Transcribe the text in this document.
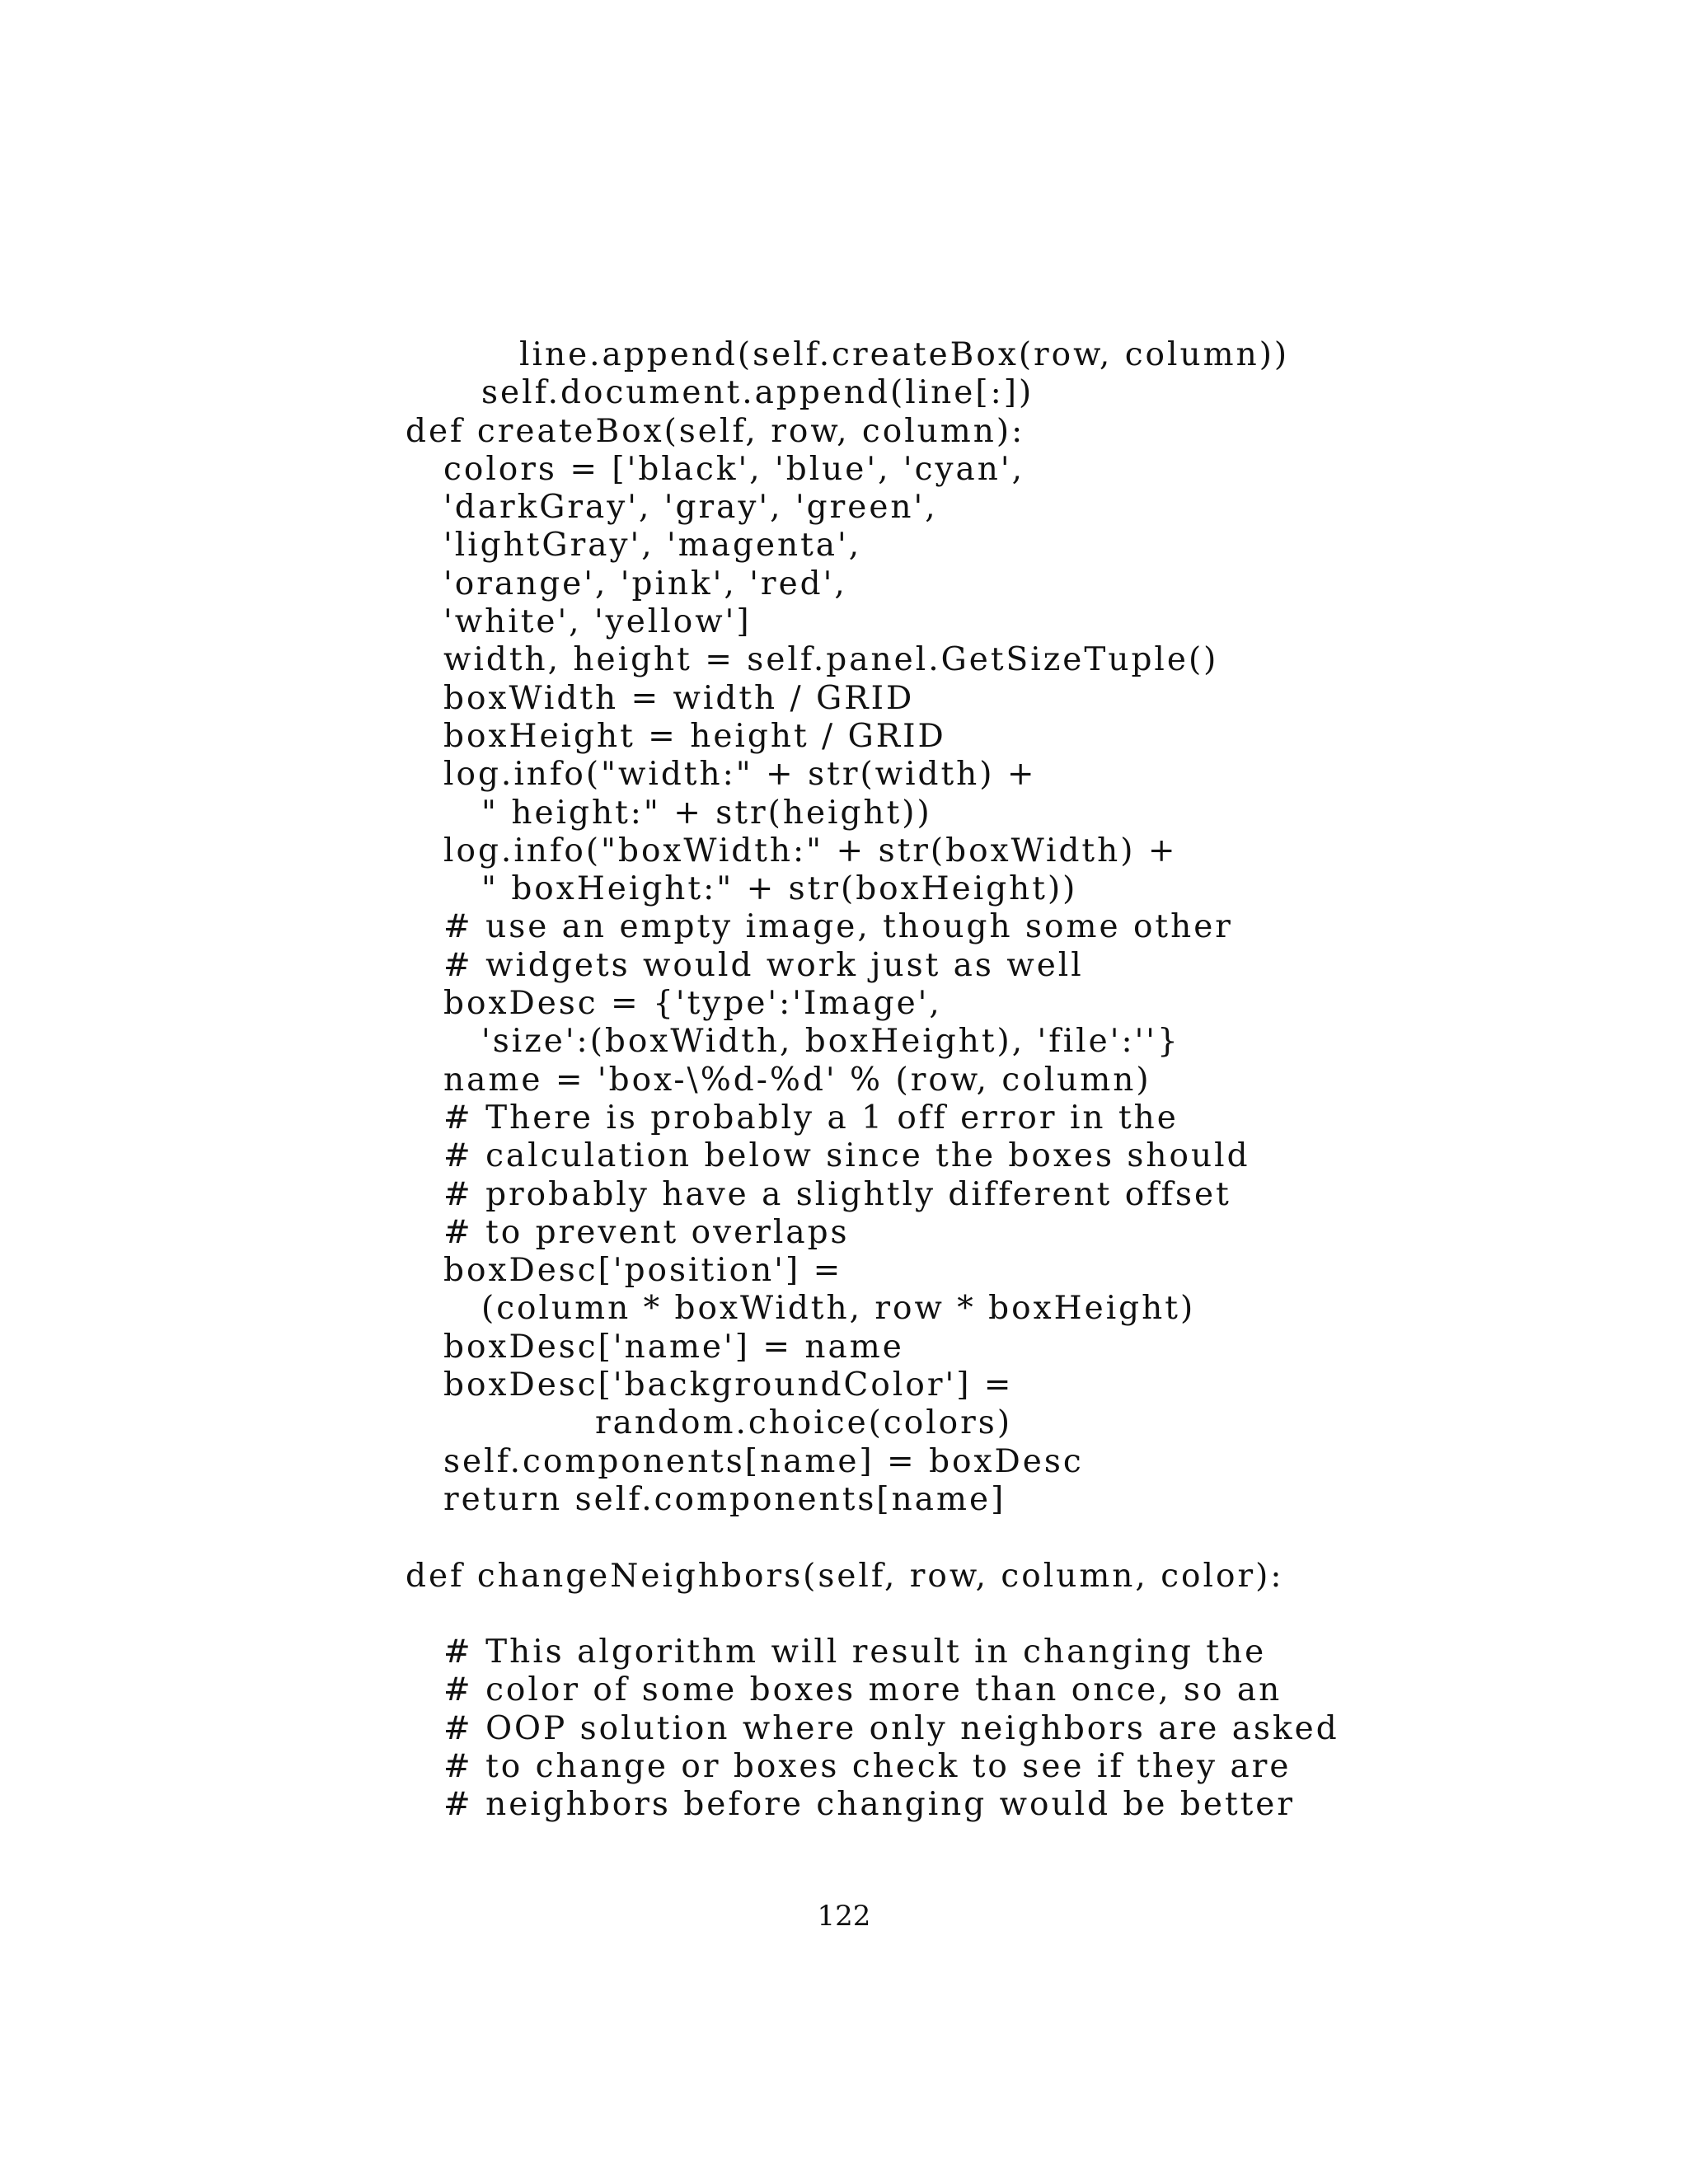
line.append(self.createBox(row, column))
self.document.append(line[:])
def createBox(self, row, column):
colors = ['black', 'blue', 'cyan',
'darkGray', 'gray', 'green',
'lightGray', 'magenta',
'orange', 'pink', 'red',
'white', 'yellow']
width, height = self.panel.GetSizeTuple()
boxWidth = width / GRID
boxHeight = height / GRID
log.info("width:" + str(width) +
" height:" + str(height))
log.info("boxWidth:" + str(boxWidth) +
" boxHeight:" + str(boxHeight))
# use an empty image, though some other
# widgets would work just as well
boxDesc = {'type':'Image',
'size':(boxWidth, boxHeight), 'file':''}
name = 'box-\%d-%d' % (row, column)
# There is probably a 1 off error in the
# calculation below since the boxes should
# probably have a slightly different offset
# to prevent overlaps
boxDesc['position'] =
(column * boxWidth, row * boxHeight)
boxDesc['name'] = name
boxDesc['backgroundColor'] =
random.choice(colors)
self.components[name] = boxDesc
return self.components[name]
def changeNeighbors(self, row, column, color):
# This algorithm will result in changing the
# color of some boxes more than once, so an
# OOP solution where only neighbors are asked
# to change or boxes check to see if they are
# neighbors before changing would be better
122
